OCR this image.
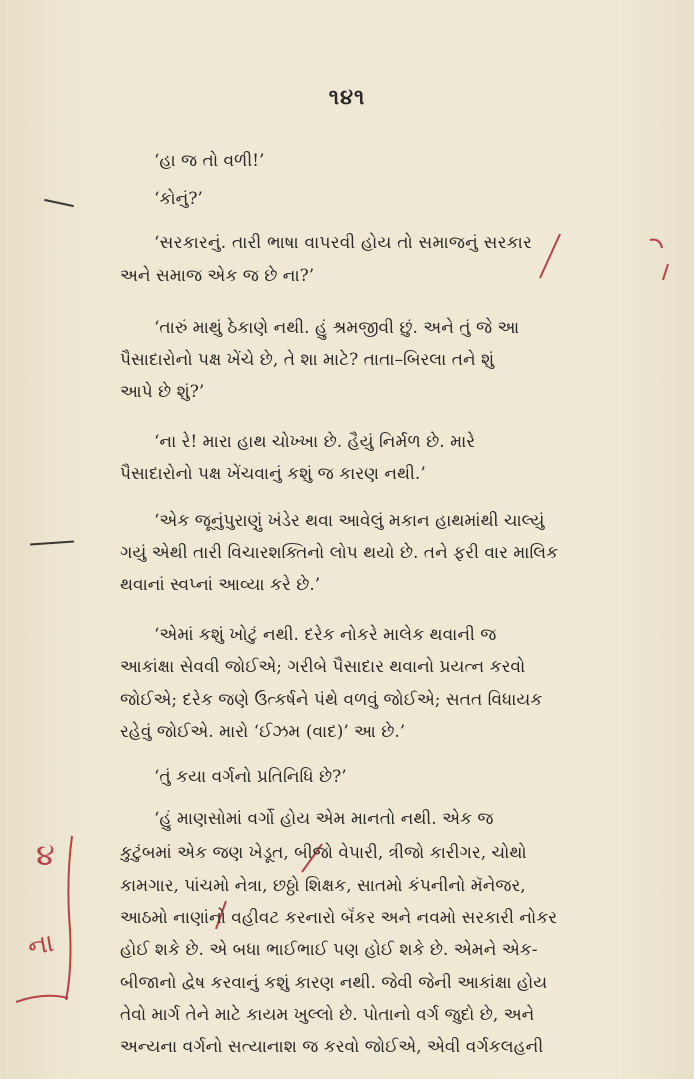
૧૪૧
૪
ના
‘હા જ તો વળી!’
‘કોનું?’
‘સરકારનું. તારી ભાષા વાપરવી હોય તો સમાજનું સરકાર
અને સમાજ એક જ છે ના?’
‘તારું માથું ઠેકાણે નથી. હું શ્રમજીવી છું. અને તું જે આ
પૈસાદારોનો પક્ષ ખેંચે છે, તે શા માટે? તાતા–બિરલા તને શું
આપે છે શું?’
‘ના રે! મારા હાથ ચોખ્ખા છે. હૈયું નિર્મળ છે. મારે
પૈસાદારોનો પક્ષ ખેંચવાનું કશું જ કારણ નથી.’
‘એક જૂનુંપુરાણું ખંડેર થવા આવેલું મકાન હાથમાંથી ચાલ્યું
ગયું એથી તારી વિચારશક્તિનો લોપ થયો છે. તને ફરી વાર માલિક
થવાનાં સ્વપ્નાં આવ્યા કરે છે.’
‘એમાં કશું ખોટું નથી. દરેક નોકરે માલેક થવાની જ
આકાંક્ષા સેવવી જોઈએ; ગરીબે પૈસાદાર થવાનો પ્રયત્ન કરવો
જોઈએ; દરેક જણે ઉત્કર્ષને પંથે વળવું જોઈએ; સતત વિધાયક
રહેવું જોઈએ. મારો ‘ઈઝમ (વાદ)’ આ છે.’
‘તું કયા વર્ગનો પ્રતિનિધિ છે?’
‘હું માણસોમાં વર્ગો હોય એમ માનતો નથી. એક જ
કુટુંબમાં એક જણ ખેડૂત, બીજો વેપારી, ત્રીજો કારીગર, ચોથો
કામગાર, પાંચમો નેત્રા, છઠ્ઠો શિક્ષક, સાતમો કંપનીનો મૅનેજર,
આઠમો નાણાંનો વહીવટ કરનારો બૅંકર અને નવમો સરકારી નોકર
હોઈ શકે છે. એ બધા ભાઈભાઈ પણ હોઈ શકે છે. એમને એક-
બીજાનો દ્વેષ કરવાનું કશું કારણ નથી. જેવી જેની આકાંક્ષા હોય
તેવો માર્ગ તેને માટે કાયમ ખુલ્લો છે. પોતાનો વર્ગ જુદો છે, અને
અન્યના વર્ગનો સત્યાનાશ જ કરવો જોઈએ, એવી વર્ગકલહની
